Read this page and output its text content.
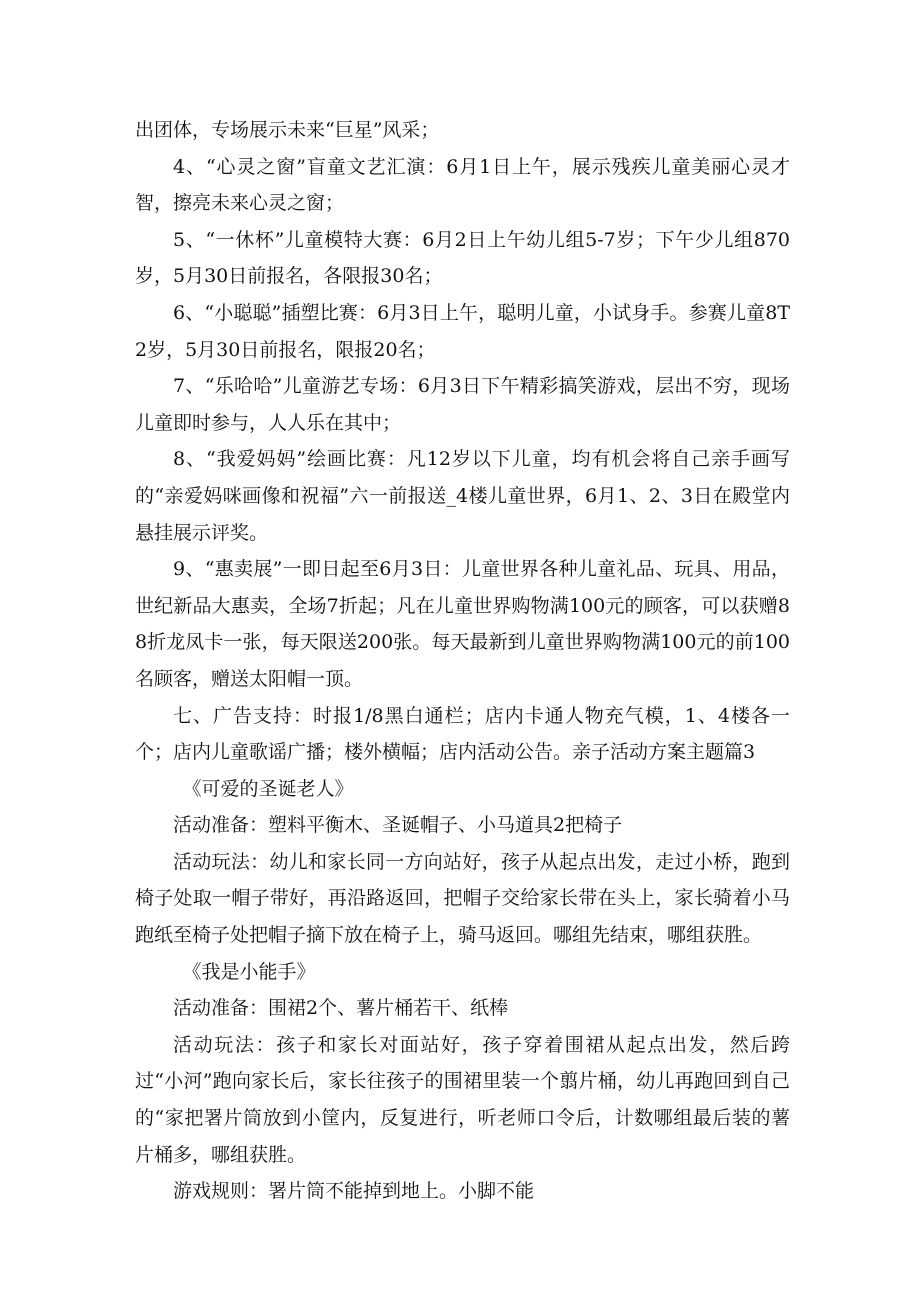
出团体，专场展示未来“巨星”风采；

4、“心灵之窗”盲童文艺汇演：6月1日上午，展示残疾儿童美丽心灵才智，擦亮未来心灵之窗；

5、“一休杯”儿童模特大赛：6月2日上午幼儿组5-7岁；下午少儿组870岁，5月30日前报名，各限报30名；

6、“小聪聪”插塑比赛：6月3日上午，聪明儿童，小试身手。参赛儿童8T2岁，5月30日前报名，限报20名；

7、“乐哈哈”儿童游艺专场：6月3日下午精彩搞笑游戏，层出不穷，现场儿童即时参与，人人乐在其中；

8、“我爱妈妈”绘画比赛：凡12岁以下儿童，均有机会将自己亲手画写的“亲爱妈咪画像和祝福”六一前报送_4楼儿童世界，6月1、2、3日在殿堂内悬挂展示评奖。

9、“惠卖展”一即日起至6月3日：儿童世界各种儿童礼品、玩具、用品，世纪新品大惠卖，全场7折起；凡在儿童世界购物满100元的顾客，可以获赠88折龙凤卡一张，每天限送200张。每天最新到儿童世界购物满100元的前100名顾客，赠送太阳帽一顶。

七、广告支持：时报1/8黑白通栏；店内卡通人物充气模，1、4楼各一个；店内儿童歌谣广播；楼外横幅；店内活动公告。亲子活动方案主题篇3

《可爱的圣诞老人》

活动准备：塑料平衡木、圣诞帽子、小马道具2把椅子

活动玩法：幼儿和家长同一方向站好，孩子从起点出发，走过小桥，跑到椅子处取一帽子带好，再沿路返回，把帽子交给家长带在头上，家长骑着小马跑纸至椅子处把帽子摘下放在椅子上，骑马返回。哪组先结束，哪组获胜。

《我是小能手》

活动准备：围裙2个、薯片桶若干、纸棒

活动玩法：孩子和家长对面站好，孩子穿着围裙从起点出发，然后跨过“小河”跑向家长后，家长往孩子的围裙里装一个翦片桶，幼儿再跑回到自己的“家把署片筒放到小筐内，反复进行，听老师口令后，计数哪组最后装的薯片桶多，哪组获胜。

游戏规则：署片筒不能掉到地上。小脚不能
